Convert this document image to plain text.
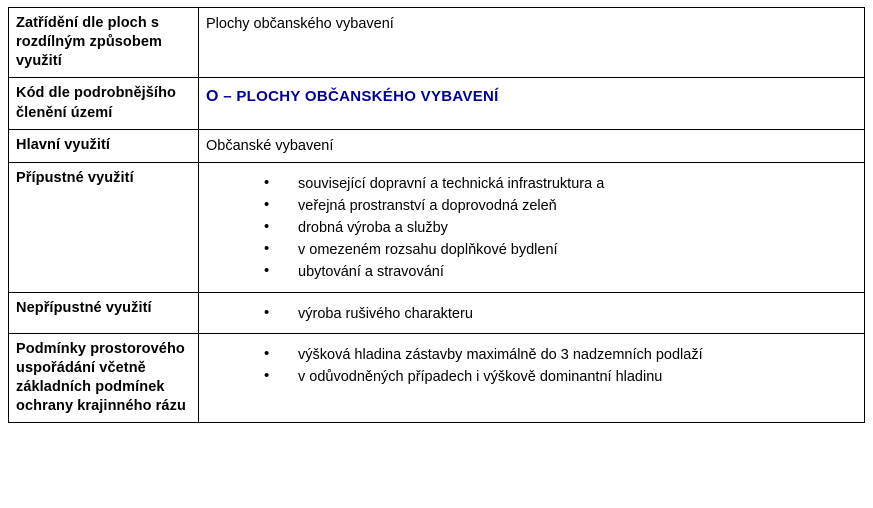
Zatřídění dle ploch s rozdílným způsobem využití	Plochy občanského vybavení

Kód dle podrobnějšího členění území	O – PLOCHY OBČANSKÉHO VYBAVENÍ

Hlavní využití	Občanské vybavení

Přípustné využití	
•související dopravní a technická infrastruktura a
• veřejná prostranství a doprovodná zeleň
• drobná výroba a služby
• v omezeném rozsahu doplňkové bydlení
• ubytování a stravování

Nepřípustné využití	
•výroba rušivého charakteru

Podmínky prostorového uspořádání včetně základních podmínek ochrany krajinného rázu	
• výšková hladina zástavby maximálně do 3 nadzemních podlaží
• v odůvodněných případech i výškově dominantní hladinu
